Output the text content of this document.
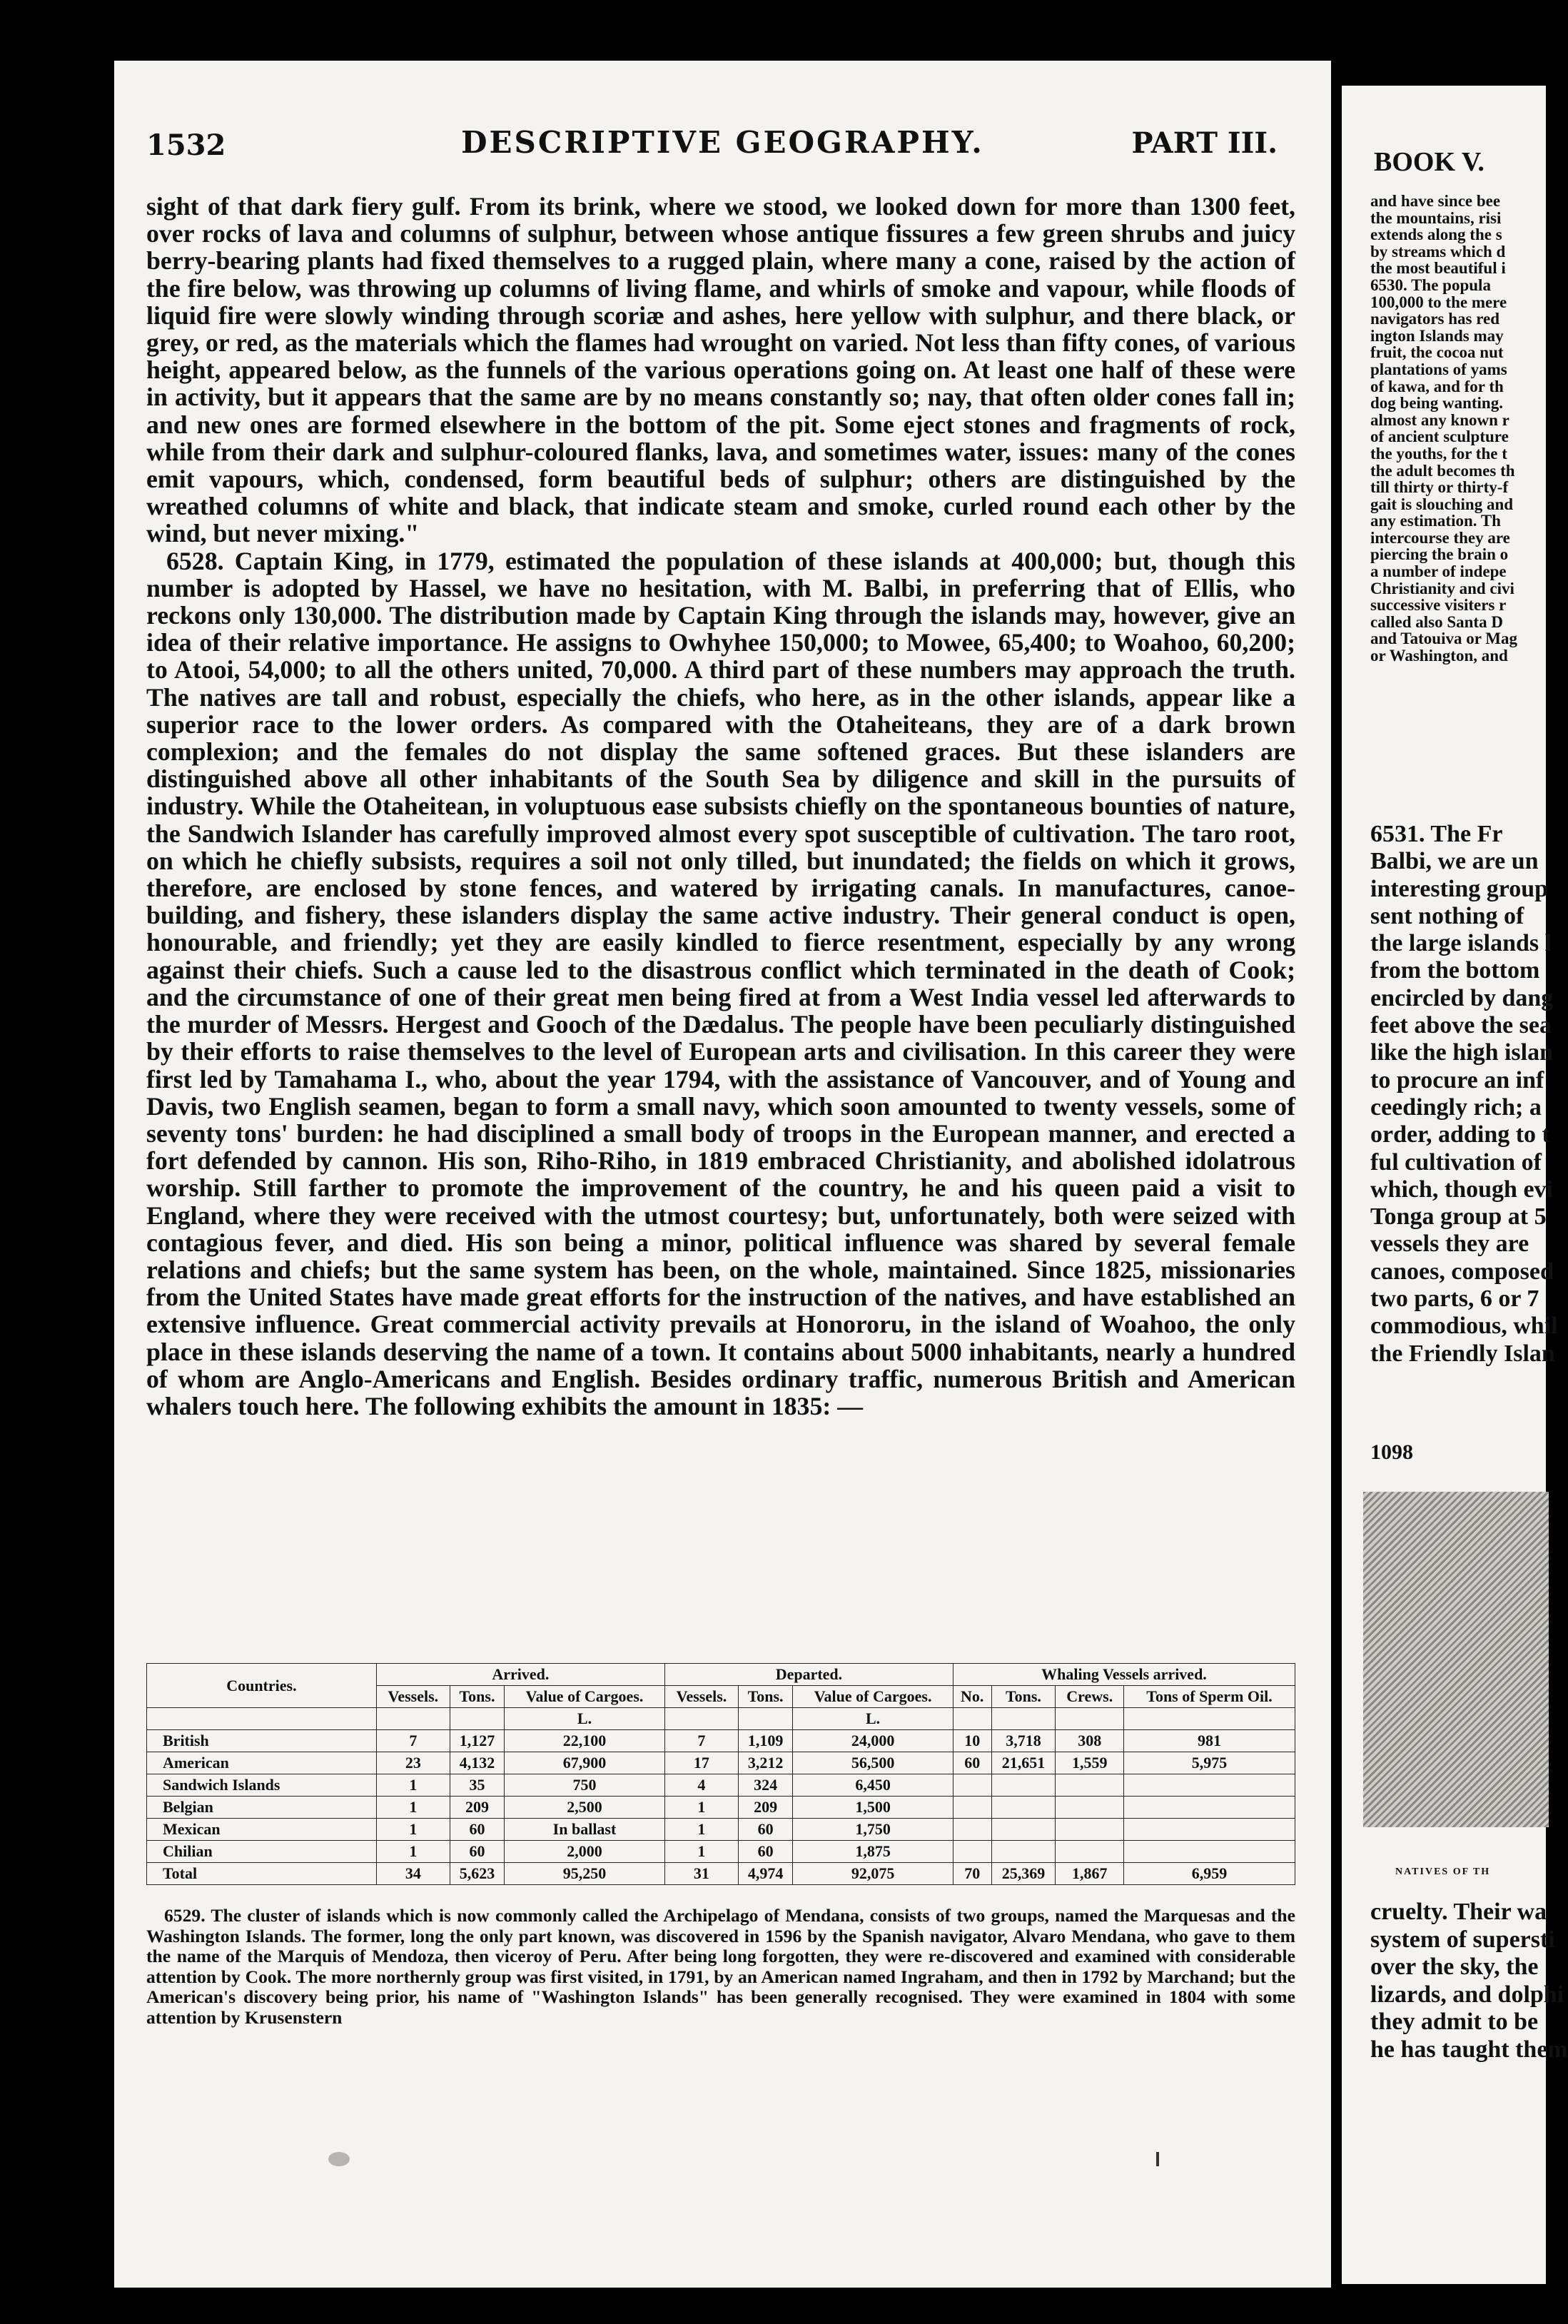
1532	DESCRIPTIVE GEOGRAPHY.	PART III.

sight of that dark fiery gulf. From its brink, where we stood, we looked down for more than 1300 feet, over rocks of lava and columns of sulphur, between whose antique fissures a few green shrubs and juicy berry-bearing plants had fixed themselves to a rugged plain, where many a cone, raised by the action of the fire below, was throwing up columns of living flame, and whirls of smoke and vapour, while floods of liquid fire were slowly winding through scoriæ and ashes, here yellow with sulphur, and there black, or grey, or red, as the materials which the flames had wrought on varied. Not less than fifty cones, of various height, appeared below, as the funnels of the various operations going on. At least one half of these were in activity, but it appears that the same are by no means constantly so; nay, that often older cones fall in; and new ones are formed elsewhere in the bottom of the pit. Some eject stones and fragments of rock, while from their dark and sulphur-coloured flanks, lava, and sometimes water, issues: many of the cones emit vapours, which, condensed, form beautiful beds of sulphur; others are distinguished by the wreathed columns of white and black, that indicate steam and smoke, curled round each other by the wind, but never mixing."

6528. Captain King, in 1779, estimated the population of these islands at 400,000; but, though this number is adopted by Hassel, we have no hesitation, with M. Balbi, in preferring that of Ellis, who reckons only 130,000. The distribution made by Captain King through the islands may, however, give an idea of their relative importance. He assigns to Owhyhee 150,000; to Mowee, 65,400; to Woahoo, 60,200; to Atooi, 54,000; to all the others united, 70,000. A third part of these numbers may approach the truth. The natives are tall and robust, especially the chiefs, who here, as in the other islands, appear like a superior race to the lower orders. As compared with the Otaheiteans, they are of a dark brown complexion; and the females do not display the same softened graces. But these islanders are distinguished above all other inhabitants of the South Sea by diligence and skill in the pursuits of industry. While the Otaheitean, in voluptuous ease subsists chiefly on the spontaneous bounties of nature, the Sandwich Islander has carefully improved almost every spot susceptible of cultivation. The taro root, on which he chiefly subsists, requires a soil not only tilled, but inundated; the fields on which it grows, therefore, are enclosed by stone fences, and watered by irrigating canals. In manufactures, canoe-building, and fishery, these islanders display the same active industry. Their general conduct is open, honourable, and friendly; yet they are easily kindled to fierce resentment, especially by any wrong against their chiefs. Such a cause led to the disastrous conflict which terminated in the death of Cook; and the circumstance of one of their great men being fired at from a West India vessel led afterwards to the murder of Messrs. Hergest and Gooch of the Dædalus. The people have been peculiarly distinguished by their efforts to raise themselves to the level of European arts and civilisation. In this career they were first led by Tamahama I., who, about the year 1794, with the assistance of Vancouver, and of Young and Davis, two English seamen, began to form a small navy, which soon amounted to twenty vessels, some of seventy tons' burden: he had disciplined a small body of troops in the European manner, and erected a fort defended by cannon. His son, Riho-Riho, in 1819 embraced Christianity, and abolished idolatrous worship. Still farther to promote the improvement of the country, he and his queen paid a visit to England, where they were received with the utmost courtesy; but, unfortunately, both were seized with contagious fever, and died. His son being a minor, political influence was shared by several female relations and chiefs; but the same system has been, on the whole, maintained. Since 1825, missionaries from the United States have made great efforts for the instruction of the natives, and have established an extensive influence. Great commercial activity prevails at Honororu, in the island of Woahoo, the only place in these islands deserving the name of a town. It contains about 5000 inhabitants, nearly a hundred of whom are Anglo-Americans and English. Besides ordinary traffic, numerous British and American whalers touch here. The following exhibits the amount in 1835: —

Countries.	Arrived.			Departed.			Whaling Vessels arrived.			
	Vessels.	Tons.	Value of Cargoes.	Vessels.	Tons.	Value of Cargoes.	No.	Tons.	Crews.	Tons of Sperm Oil.
			L.			L.				
British	7	1,127	22,100	7	1,109	24,000	10	3,718	308	981
American	23	4,132	67,900	17	3,212	56,500	60	21,651	1,559	5,975
Sandwich Islands	1	35	750	4	324	6,450				
Belgian	1	209	2,500	1	209	1,500				
Mexican	1	60	In ballast	1	60	1,750				
Chilian	1	60	2,000	1	60	1,875				
Total	34	5,623	95,250	31	4,974	92,075	70	25,369	1,867	6,959

6529. The cluster of islands which is now commonly called the Archipelago of Mendana, consists of two groups, named the Marquesas and the Washington Islands. The former, long the only part known, was discovered in 1596 by the Spanish navigator, Alvaro Mendana, who gave to them the name of the Marquis of Mendoza, then viceroy of Peru. After being long forgotten, they were re-discovered and examined with considerable attention by Cook. The more northernly group was first visited, in 1791, by an American named Ingraham, and then in 1792 by Marchand; but the American's discovery being prior, his name of "Washington Islands" has been generally recognised. They were examined in 1804 with some attention by Krusenstern

BOOK V.
and have since bee
the mountains, risi
extends along the s
by streams which d
the most beautiful i
6530. The popula
100,000 to the mere
navigators has red
ington Islands may
fruit, the cocoa nut
plantations of yams
of kawa, and for th
dog being wanting.
almost any known r
of ancient sculpture
the youths, for the t
the adult becomes th
till thirty or thirty-f
gait is slouching and
any estimation. Th
intercourse they are
piercing the brain o
a number of indepe
Christianity and civi
successive visiters r
called also Santa D
and Tatouiva or Mag
or Washington, and
6531. The Fr
Balbi, we are un
interesting group
sent nothing of
the large islands l
from the bottom
encircled by dang
feet above the sea
like the high islan
to procure an inf
ceedingly rich; a
order, adding to t
ful cultivation of
which, though evi
Tonga group at 5
vessels they are
canoes, composed
two parts, 6 or 7
commodious, whil
the Friendly Islan
1098
NATIVES OF TH
cruelty. Their wa
system of supersti
over the sky, the
lizards, and dolphi
they admit to be
he has taught them
